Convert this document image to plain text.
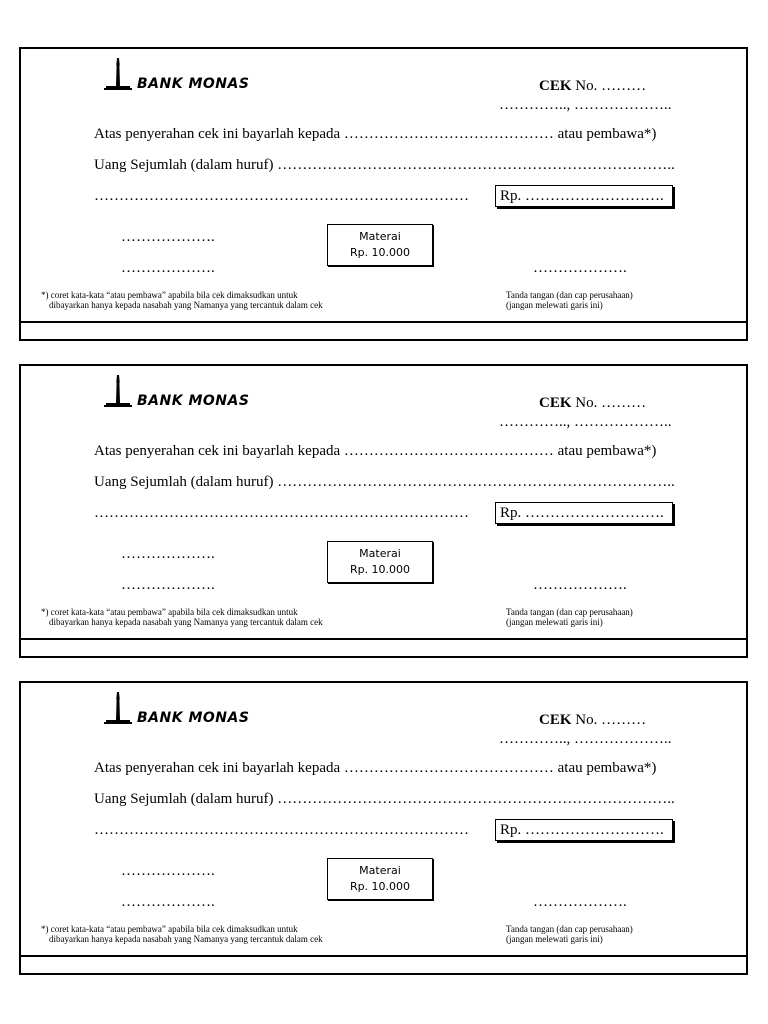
BANK MONAS	CEK No. ………
………….., ………………..
Atas penyerahan cek ini bayarlah kepada …………………………………… atau pembawa*)
Uang Sejumlah (dalam huruf) ……………………………………………………………………..
…………………………………………………………………	Rp. ……………………….
……………….
……………….
Materai
Rp. 10.000
……………….
*) coret kata-kata “atau pembawa” apabila bila cek dimaksudkan untuk
dibayarkan hanya kepada nasabah yang Namanya yang tercantuk dalam cek
Tanda tangan (dan cap perusahaan)
(jangan melewati garis ini)
BANK MONAS	CEK No. ………
………….., ………………..
Atas penyerahan cek ini bayarlah kepada …………………………………… atau pembawa*)
Uang Sejumlah (dalam huruf) ……………………………………………………………………..
…………………………………………………………………	Rp. ……………………….
……………….
……………….
Materai
Rp. 10.000
……………….
*) coret kata-kata “atau pembawa” apabila bila cek dimaksudkan untuk
dibayarkan hanya kepada nasabah yang Namanya yang tercantuk dalam cek
Tanda tangan (dan cap perusahaan)
(jangan melewati garis ini)
BANK MONAS	CEK No. ………
………….., ………………..
Atas penyerahan cek ini bayarlah kepada …………………………………… atau pembawa*)
Uang Sejumlah (dalam huruf) ……………………………………………………………………..
…………………………………………………………………	Rp. ……………………….
……………….
……………….
Materai
Rp. 10.000
……………….
*) coret kata-kata “atau pembawa” apabila bila cek dimaksudkan untuk
dibayarkan hanya kepada nasabah yang Namanya yang tercantuk dalam cek
Tanda tangan (dan cap perusahaan)
(jangan melewati garis ini)
